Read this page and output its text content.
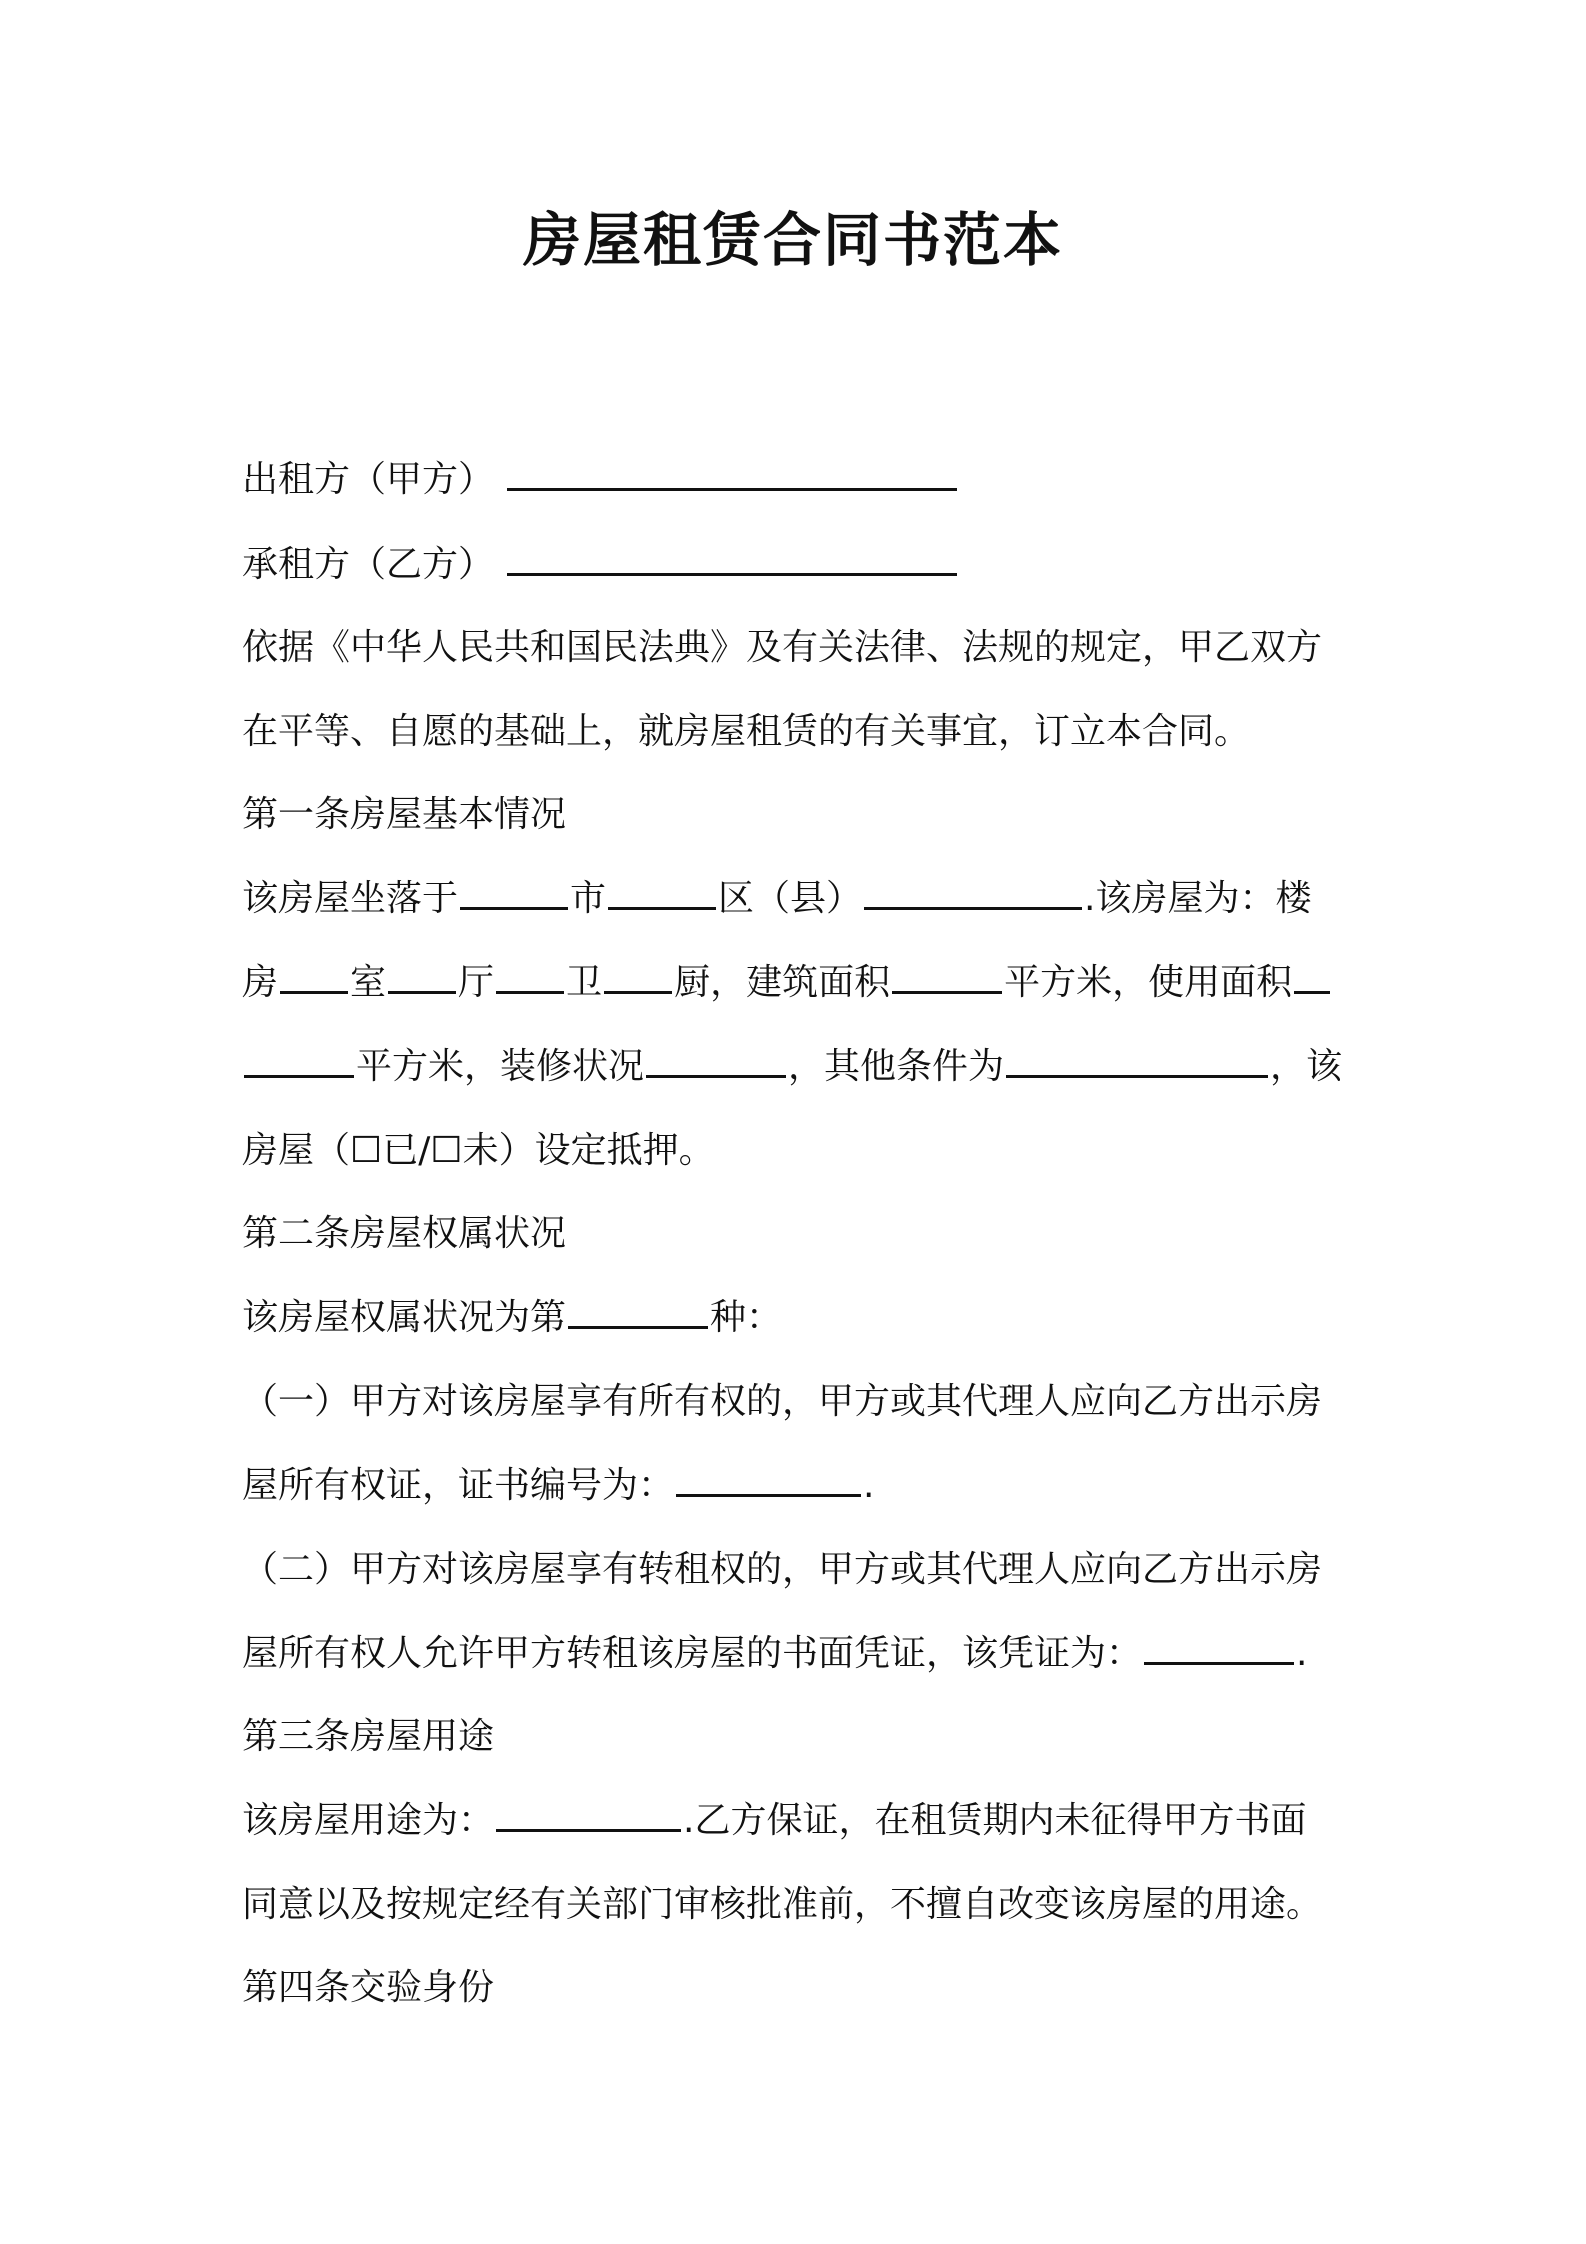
房屋租赁合同书范本
出租方（甲方）
承租方（乙方）
依据《中华人民共和国民法典》及有关法律、法规的规定，甲乙双方
在平等、自愿的基础上，就房屋租赁的有关事宜，订立本合同。
第一条房屋基本情况
该房屋坐落于	市	区（县）	.该房屋为：楼
房 室 厅 卫 厨，建筑面积	平方米，使用面积
平方米，装修状况	，其他条件为	，该
房屋（☐已/☐未）设定抵押。
第二条房屋权属状况
该房屋权属状况为第	种：
（一）甲方对该房屋享有所有权的，甲方或其代理人应向乙方出示房
屋所有权证，证书编号为：	.
（二）甲方对该房屋享有转租权的，甲方或其代理人应向乙方出示房
屋所有权人允许甲方转租该房屋的书面凭证，该凭证为：	.
第三条房屋用途
该房屋用途为：	.乙方保证，在租赁期内未征得甲方书面
同意以及按规定经有关部门审核批准前，不擅自改变该房屋的用途。
第四条交验身份
